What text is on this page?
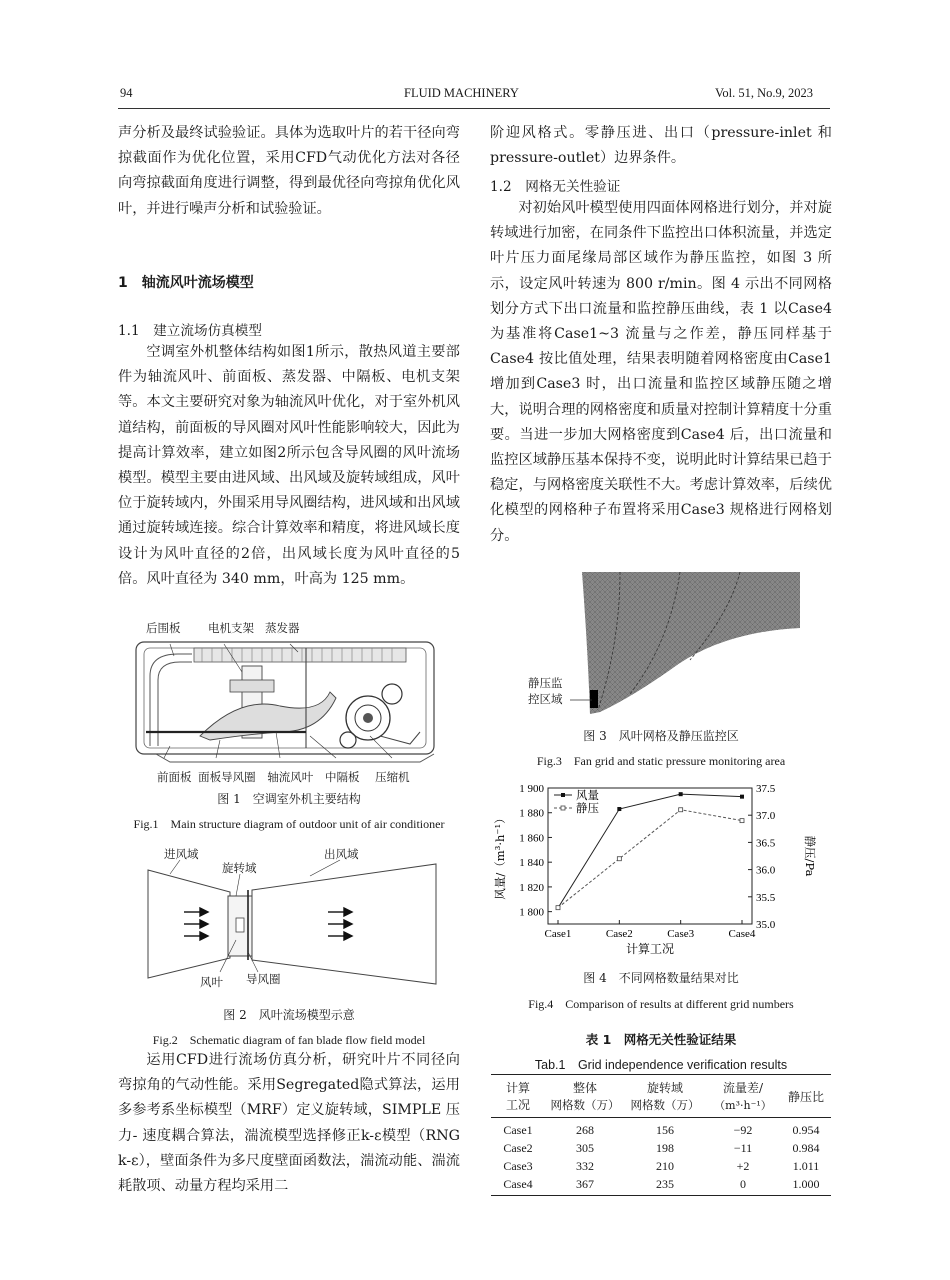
94	FLUID MACHINERY	Vol. 51, No.9, 2023

声分析及最终试验验证。具体为选取叶片的若干径向弯掠截面作为优化位置，采用CFD气动优化方法对各径向弯掠截面角度进行调整，得到最优径向弯掠角优化风叶，并进行噪声分析和试验验证。

1　轴流风叶流场模型
1.1　建立流场仿真模型

空调室外机整体结构如图1所示，散热风道主要部件为轴流风叶、前面板、蒸发器、中隔板、电机支架等。本文主要研究对象为轴流风叶优化，对于室外机风道结构，前面板的导风圈对风叶性能影响较大，因此为提高计算效率，建立如图2所示包含导风圈的风叶流场模型。模型主要由进风域、出风域及旋转域组成，风叶位于旋转域内，外围采用导风圈结构，进风域和出风域通过旋转域连接。综合计算效率和精度，将进风域长度设计为风叶直径的2倍，出风域长度为风叶直径的5倍。风叶直径为 340 mm，叶高为 125 mm。

后围板 电机支架 蒸发器
前面板 面板导风圈 轴流风叶 中隔板 压缩机
图 1　空调室外机主要结构
Fig.1　Main structure diagram of outdoor unit of air conditioner
进风域
旋转域
出风域
风叶 导风圈
图 2　风叶流场模型示意
Fig.2　Schematic diagram of fan blade flow field model

运用CFD进行流场仿真分析，研究叶片不同径向弯掠角的气动性能。采用Segregated隐式算法，运用多参考系坐标模型（MRF）定义旋转域，SIMPLE 压力- 速度耦合算法，湍流模型选择修正k-ε模型（RNG k-ε），壁面条件为多尺度壁面函数法，湍流动能、湍流耗散项、动量方程均采用二

阶迎风格式。零静压进、出口（pressure-inlet 和 pressure-outlet）边界条件。

1.2　网格无关性验证

对初始风叶模型使用四面体网格进行划分，并对旋转域进行加密，在同条件下监控出口体积流量，并选定叶片压力面尾缘局部区域作为静压监控，如图 3 所示，设定风叶转速为 800 r/min。图 4 示出不同网格划分方式下出口流量和监控静压曲线，表 1 以Case4 为基准将Case1~3 流量与之作差，静压同样基于Case4 按比值处理，结果表明随着网格密度由Case1 增加到Case3 时，出口流量和监控区域静压随之增大，说明合理的网格密度和质量对控制计算精度十分重要。当进一步加大网格密度到Case4 后，出口流量和监控区域静压基本保持不变，说明此时计算结果已趋于稳定，与网格密度关联性不大。考虑计算效率，后续优化模型的网格种子布置将采用Case3 规格进行网格划分。

静压监
控区域
图 3　风叶网格及静压监控区
Fig.3　Fan grid and static pressure monitoring area
1 800
1 820
1 840
1 860
1 880
1 900
35.0
35.5
36.0
36.5
37.0
37.5
Case1	Case2	Case3	Case4
计算工况
风量/（m³·h⁻¹）	静压/Pa
风量
静压
图 4　不同网格数量结果对比
Fig.4　Comparison of results at different grid numbers
表 1　网格无关性验证结果
Tab.1　Grid independence verification results
计算	整体	旋转域	流量差/	静压比
工况	网格数（万）	网格数（万）	（m³·h⁻¹）	
Case1	268	156	−92	0.954
Case2	305	198	−11	0.984
Case3	332	210	+2	1.011
Case4	367	235	0	1.000
